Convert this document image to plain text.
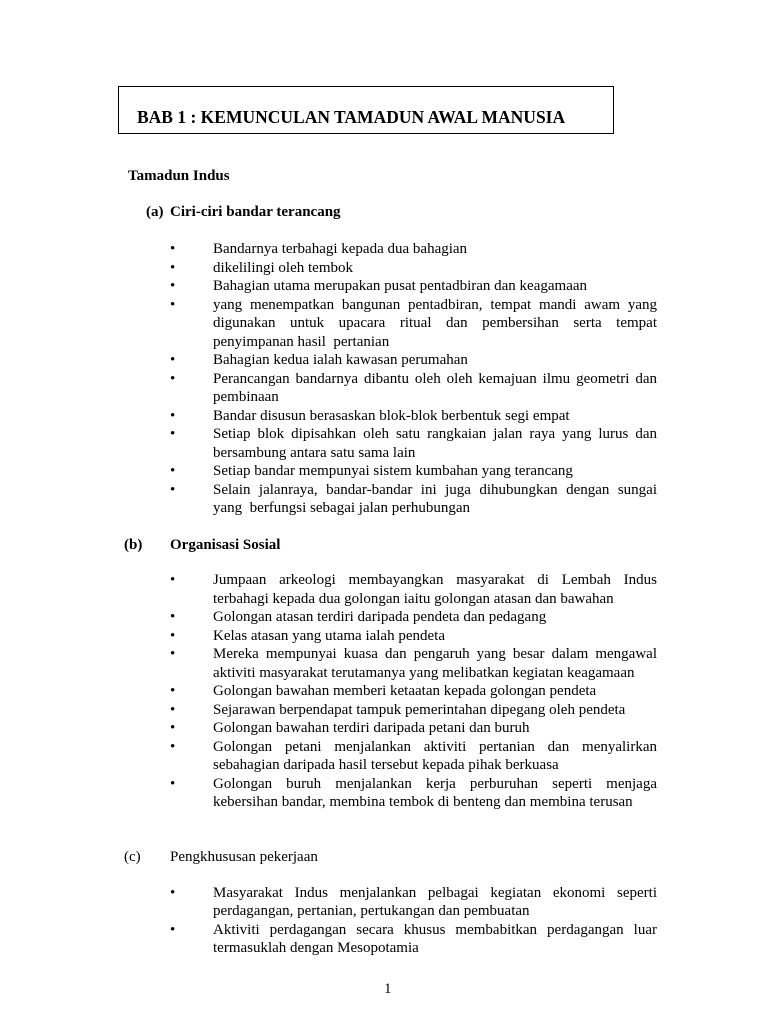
BAB 1 : KEMUNCULAN TAMADUN AWAL MANUSIA
Tamadun Indus
(a) Ciri-ciri bandar terancang
•	Bandarnya terbahagi kepada dua bahagian
•	dikelilingi oleh tembok
•	Bahagian utama merupakan pusat pentadbiran dan keagamaan
•	yang menempatkan bangunan pentadbiran, tempat mandi awam yang
digunakan untuk upacara ritual dan pembersihan serta tempat
penyimpanan hasil  pertanian
•	Bahagian kedua ialah kawasan perumahan
•	Perancangan bandarnya dibantu oleh oleh kemajuan ilmu geometri dan
pembinaan
•	Bandar disusun berasaskan blok-blok berbentuk segi empat
•	Setiap blok dipisahkan oleh satu rangkaian jalan raya yang lurus dan
bersambung antara satu sama lain
•	Setiap bandar mempunyai sistem kumbahan yang terancang
•	Selain jalanraya, bandar-bandar ini juga dihubungkan dengan sungai
yang  berfungsi sebagai jalan perhubungan
(b) Organisasi Sosial
•	Jumpaan arkeologi membayangkan masyarakat di Lembah Indus
terbahagi kepada dua golongan iaitu golongan atasan dan bawahan
•	Golongan atasan terdiri daripada pendeta dan pedagang
•	Kelas atasan yang utama ialah pendeta
•	Mereka mempunyai kuasa dan pengaruh yang besar dalam mengawal
aktiviti masyarakat terutamanya yang melibatkan kegiatan keagamaan
•	Golongan bawahan memberi ketaatan kepada golongan pendeta
•	Sejarawan berpendapat tampuk pemerintahan dipegang oleh pendeta
•	Golongan bawahan terdiri daripada petani dan buruh
•	Golongan petani menjalankan aktiviti pertanian dan menyalirkan
sebahagian daripada hasil tersebut kepada pihak berkuasa
•	Golongan buruh menjalankan kerja perburuhan seperti menjaga
kebersihan bandar, membina tembok di benteng dan membina terusan
(c) Pengkhususan pekerjaan
•	Masyarakat Indus menjalankan pelbagai kegiatan ekonomi seperti
perdagangan, pertanian, pertukangan dan pembuatan
•	Aktiviti perdagangan secara khusus membabitkan perdagangan luar
termasuklah dengan Mesopotamia
1
